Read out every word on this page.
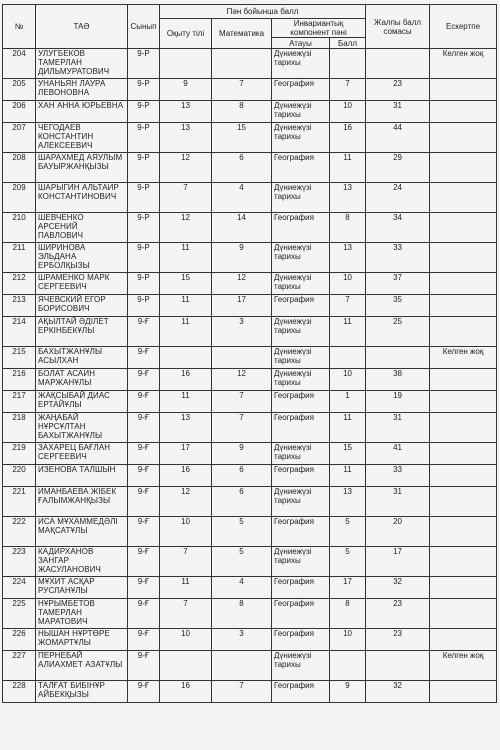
№	ТАӘ	Сынып	Пән бойынша балл				Жалпы балл сомасы	Ескертпе
			Оқыту тілі	Математика	Инвариантық компонент пәні			
					Атауы	Балл		
204	УЛУГБЕКОВ ТАМЕРЛАН ДИЛЬМУРАТОВИЧ	9-Р			Дүниежүзі тарихы			Келген жоқ
205	УНАНЬЯН ЛАУРА ЛЕВОНОВНА	9-Р	9	7	География	7	23	
206	ХАН АННА ЮРЬЕВНА	9-Р	13	8	Дүниежүзі тарихы	10	31	
207	ЧЕГОДАЕВ КОНСТАНТИН АЛЕКСЕЕВИЧ	9-Р	13	15	Дүниежүзі тарихы	16	44	
208	ШАРАХМЕД АЯУЛЫМ БАУЫРЖАНҚЫЗЫ	9-Р	12	6	География	11	29	
209	ШАРЫГИН АЛЬТАИР КОНСТАНТИНОВИЧ	9-Р	7	4	Дүниежүзі тарихы	13	24	
210	ШЕВЧЕНКО АРСЕНИЙ ПАВЛОВИЧ	9-Р	12	14	География	8	34	
211	ШИРИНОВА ЭЛЬДАНА ЕРБОЛҚЫЗЫ	9-Р	11	9	Дүниежүзі тарихы	13	33	
212	ШРАМЕНКО МАРК СЕРГЕЕВИЧ	9-Р	15	12	Дүниежүзі тарихы	10	37	
213	ЯЧЕВСКИЙ ЕГОР БОРИСОВИЧ	9-Р	11	17	География	7	35	
214	АҚЫЛТАЙ ӘДІЛЕТ ЕРКІНБЕКҰЛЫ	9-Ғ	11	3	Дүниежүзі тарихы	11	25	
215	БАХЫТЖАНҰЛЫ АСЫЛХАН	9-Ғ			Дүниежүзі тарихы			Келген жоқ
216	БОЛАТ АСАИН МАРЖАНҰЛЫ	9-Ғ	16	12	Дүниежүзі тарихы	10	38	
217	ЖАҚСЫБАЙ ДИАС ЕРТАЙҰЛЫ	9-Ғ	11	7	География	1	19	
218	ЖАҢАБАЙ НҰРСҰЛТАН БАХЫТЖАНҰЛЫ	9-Ғ	13	7	География	11	31	
219	ЗАХАРЕЦ БАҒЛАН СЕРГЕЕВИЧ	9-Ғ	17	9	Дүниежүзі тарихы	15	41	
220	ИЗЕНОВА ТАЛШЫН	9-Ғ	16	6	География	11	33	
221	ИМАНБАЕВА ЖІБЕК ҒАЛЫМЖАНҚЫЗЫ	9-Ғ	12	6	Дүниежүзі тарихы	13	31	
222	ИСА МҰХАММЕДӘЛІ МАҚСАТҰЛЫ	9-Ғ	10	5	География	5	20	
223	КАДИРХАНОВ ЗАНГАР ЖАСУЛАНОВИЧ	9-Ғ	7	5	Дүниежүзі тарихы	5	17	
224	МҰХИТ АСҚАР РУСЛАНҰЛЫ	9-Ғ	11	4	География	17	32	
225	НҰРЫМБЕТОВ ТАМЕРЛАН МАРАТОВИЧ	9-Ғ	7	8	География	8	23	
226	НЫШАН НҰРТӨРЕ ЖОМАРТҰЛЫ	9-Ғ	10	3	География	10	23	
227	ПЕРНЕБАЙ АЛИАХМЕТ АЗАТҰЛЫ	9-Ғ			Дүниежүзі тарихы			Келген жоқ
228	ТАЛҒАТ БИБІНҰР АЙБЕКҚЫЗЫ	9-Ғ	16	7	География	9	32	
